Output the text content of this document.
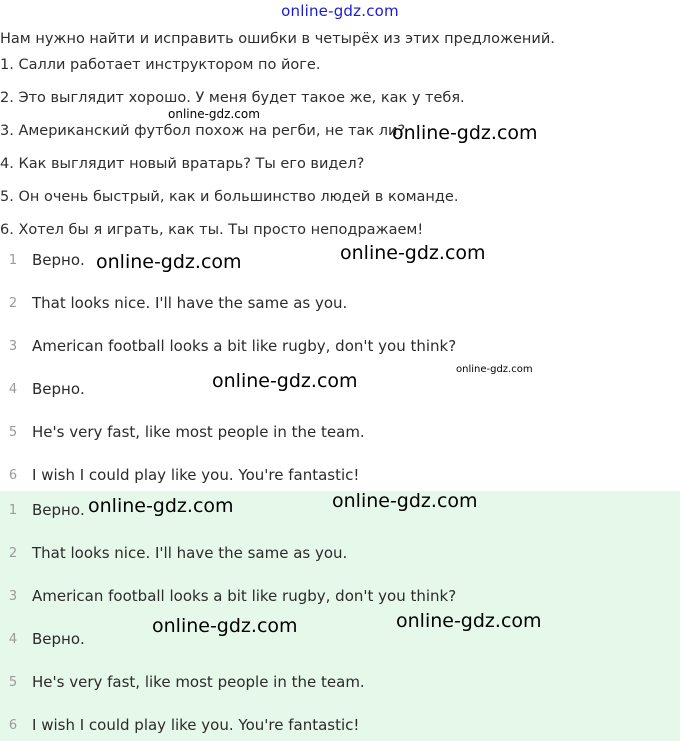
online-gdz.com
Нам нужно найти и исправить ошибки в четырёх из этих предложений.
1. Салли работает инструктором по йоге.
2. Это выглядит хорошо. У меня будет такое же, как у тебя.
3. Американский футбол похож на регби, не так ли?
4. Как выглядит новый вратарь? Ты его видел?
5. Он очень быстрый, как и большинство людей в команде.
6. Хотел бы я играть, как ты. Ты просто неподражаем!
1 Верно.
2 That looks nice. I'll have the same as you.
3 American football looks a bit like rugby, don't you think?
4 Верно.
5 He's very fast, like most people in the team.
6 I wish I could play like you. You're fantastic!
1 Верно.
2 That looks nice. I'll have the same as you.
3 American football looks a bit like rugby, don't you think?
4 Верно.
5 He's very fast, like most people in the team.
6 I wish I could play like you. You're fantastic!
online-gdz.com
online-gdz.com
online-gdz.com	online-gdz.com
online-gdz.com
online-gdz.com
online-gdz.com	online-gdz.com
online-gdz.com	online-gdz.com
